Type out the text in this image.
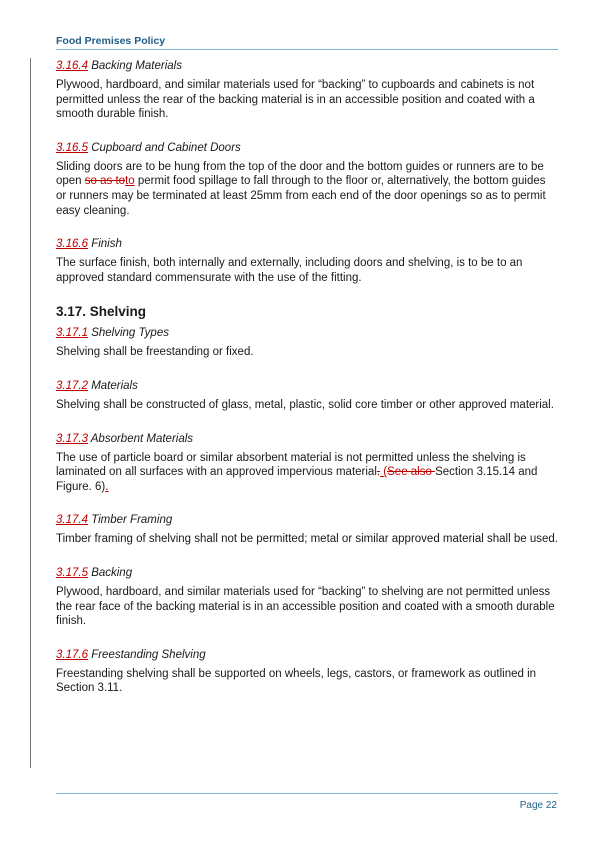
Food Premises Policy

3.16.4 Backing Materials

Plywood, hardboard, and similar materials used for “backing” to cupboards and cabinets is not permitted unless the rear of the backing material is in an accessible position and coated with a smooth durable finish.

3.16.5 Cupboard and Cabinet Doors

Sliding doors are to be hung from the top of the door and the bottom guides or runners are to be open so as toto permit food spillage to fall through to the floor or, alternatively, the bottom guides or runners may be terminated at least 25mm from each end of the door openings so as to permit easy cleaning.

3.16.6 Finish

The surface finish, both internally and externally, including doors and shelving, is to be to an approved standard commensurate with the use of the fitting.

3.17. Shelving

3.17.1 Shelving Types

Shelving shall be freestanding or fixed.

3.17.2 Materials

Shelving shall be constructed of glass, metal, plastic, solid core timber or other approved material.

3.17.3 Absorbent Materials

The use of particle board or similar absorbent material is not permitted unless the shelving is laminated on all surfaces with an approved impervious material. (See also Section 3.15.14 and Figure. 6).

3.17.4 Timber Framing

Timber framing of shelving shall not be permitted; metal or similar approved material shall be used.

3.17.5 Backing

Plywood, hardboard, and similar materials used for “backing” to shelving are not permitted unless the rear face of the backing material is in an accessible position and coated with a smooth durable finish.

3.17.6 Freestanding Shelving

Freestanding shelving shall be supported on wheels, legs, castors, or framework as outlined in Section 3.11.

Page 22
